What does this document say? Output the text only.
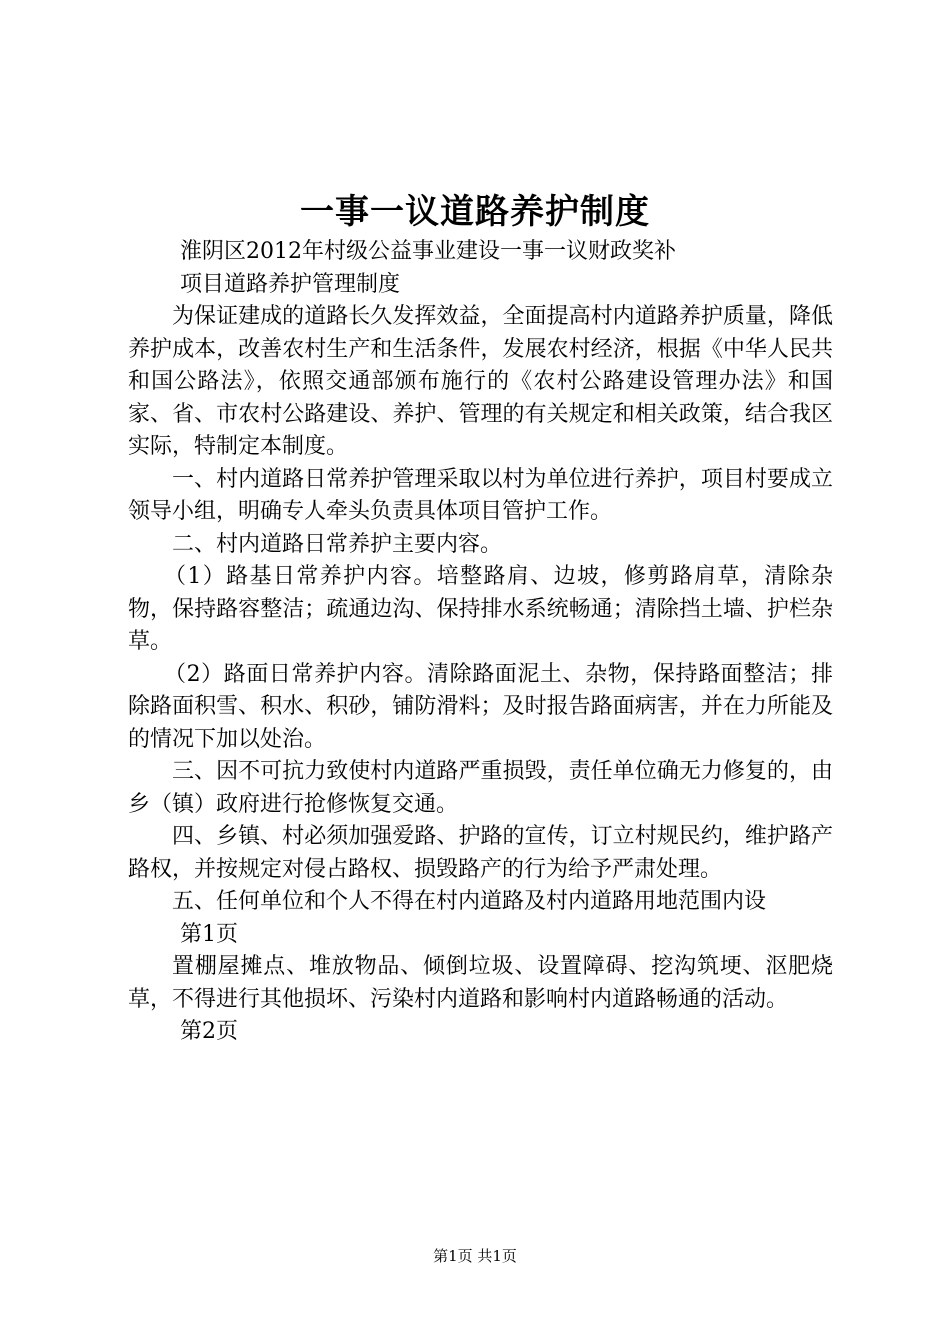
一事一议道路养护制度

淮阴区2012年村级公益事业建设一事一议财政奖补

项目道路养护管理制度

为保证建成的道路长久发挥效益，全面提高村内道路养护质量，降低养护成本，改善农村生产和生活条件，发展农村经济，根据《中华人民共和国公路法》，依照交通部颁布施行的《农村公路建设管理办法》和国家、省、市农村公路建设、养护、管理的有关规定和相关政策，结合我区实际，特制定本制度。

一、村内道路日常养护管理采取以村为单位进行养护，项目村要成立领导小组，明确专人牵头负责具体项目管护工作。

二、村内道路日常养护主要内容。

（1）路基日常养护内容。培整路肩、边坡，修剪路肩草，清除杂物，保持路容整洁；疏通边沟、保持排水系统畅通；清除挡土墙、护栏杂草。

（2）路面日常养护内容。清除路面泥土、杂物，保持路面整洁；排除路面积雪、积水、积砂，铺防滑料；及时报告路面病害，并在力所能及的情况下加以处治。

三、因不可抗力致使村内道路严重损毁，责任单位确无力修复的，由乡（镇）政府进行抢修恢复交通。

四、乡镇、村必须加强爱路、护路的宣传，订立村规民约，维护路产路权，并按规定对侵占路权、损毁路产的行为给予严肃处理。

五、任何单位和个人不得在村内道路及村内道路用地范围内设

第1页

置棚屋摊点、堆放物品、倾倒垃圾、设置障碍、挖沟筑埂、沤肥烧草，不得进行其他损坏、污染村内道路和影响村内道路畅通的活动。

第2页

第1页 共1页
